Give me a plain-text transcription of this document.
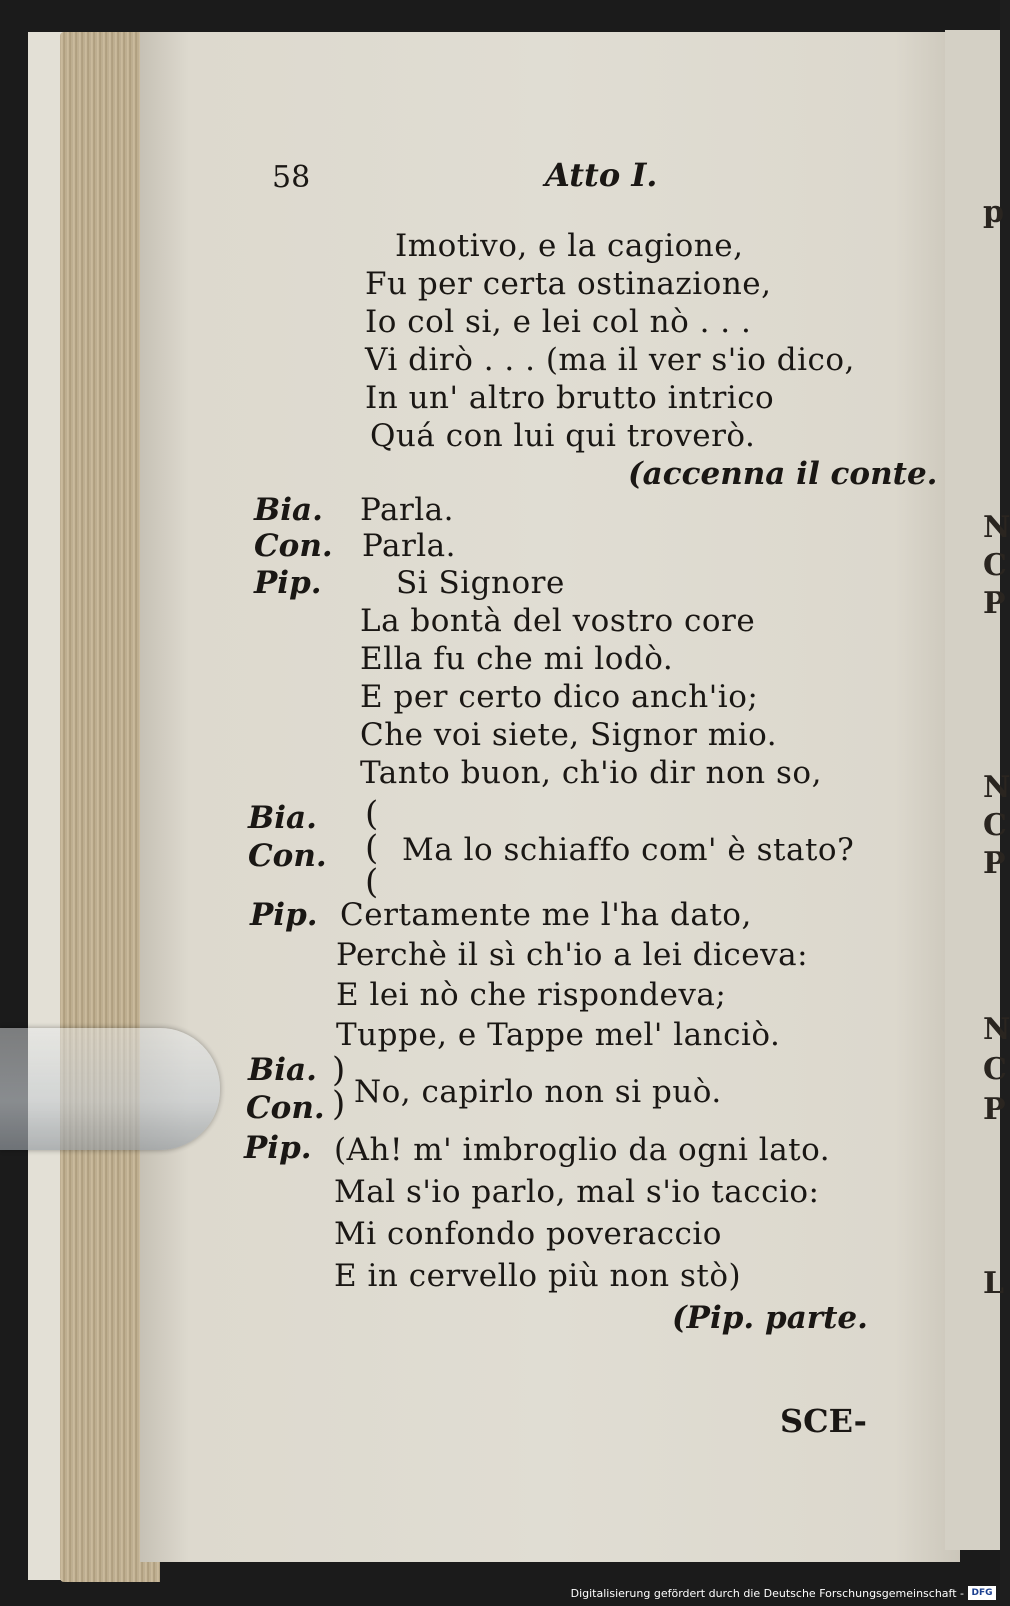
58	Atto I.
Imotivo, e la cagione,
Fu per certa ostinazione,
Io col si, e lei col nò . . .
Vi dirò . . . (ma il ver s'io dico,
In un' altro brutto intrico
Quá con lui qui troverò.
(accenna il conte.
Bia. Parla.
Con. Parla.
Pip. Si Signore
La bontà del vostro core
Ella fu che mi lodò.
E per certo dico anch'io;
Che voi siete, Signor mio.
Tanto buon, ch'io dir non so,
Bia.
Con.
(
(
(
Ma lo schiaffo com' è stato?
Pip. Certamente me l'ha dato,
Perchè il sì ch'io a lei diceva:
E lei nò che rispondeva;
Tuppe, e Tappe mel' lanciò.
Bia.
Con.
)
) No, capirlo non si può.
Pip. (Ah! m' imbroglio da ogni lato.
Mal s'io parlo, mal s'io taccio:
Mi confondo poveraccio
E in cervello più non stò)
(Pip. parte.
SCE-
p
N
C
P
N
C
P
N
C
P
L
Digitalisierung gefördert durch die Deutsche Forschungsgemeinschaft - DFG
